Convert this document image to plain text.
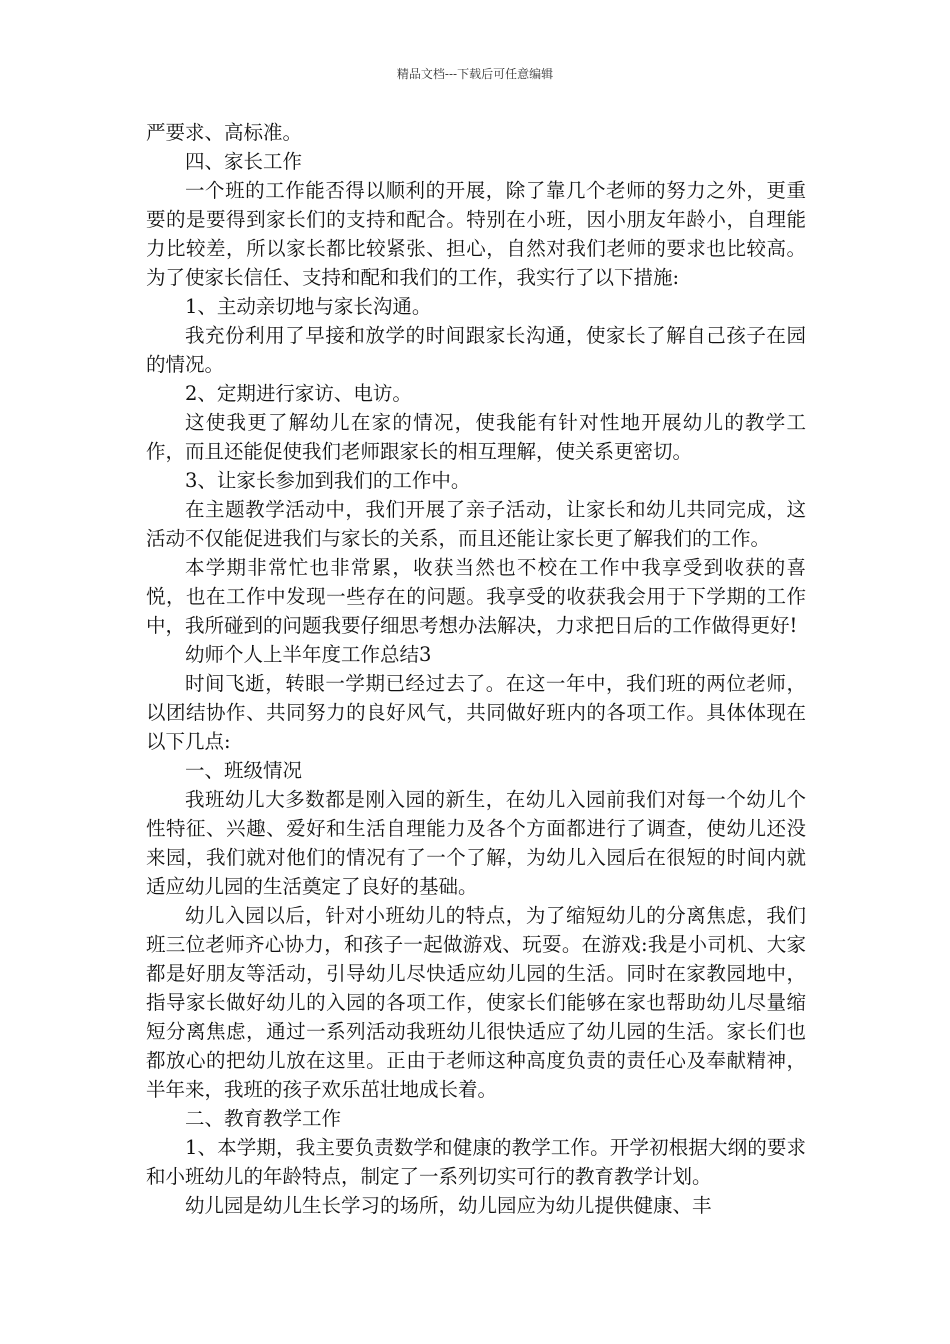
精品文档---下载后可任意编辑

严要求、高标准。

四、家长工作

一个班的工作能否得以顺利的开展，除了靠几个老师的努力之外，更重要的是要得到家长们的支持和配合。特别在小班，因小朋友年龄小，自理能力比较差，所以家长都比较紧张、担心，自然对我们老师的要求也比较高。为了使家长信任、支持和配和我们的工作，我实行了以下措施:

1、主动亲切地与家长沟通。

我充份利用了早接和放学的时间跟家长沟通，使家长了解自己孩子在园的情况。

2、定期进行家访、电访。

这使我更了解幼儿在家的情况，使我能有针对性地开展幼儿的教学工作，而且还能促使我们老师跟家长的相互理解，使关系更密切。

3、让家长参加到我们的工作中。

在主题教学活动中，我们开展了亲子活动，让家长和幼儿共同完成，这活动不仅能促进我们与家长的关系，而且还能让家长更了解我们的工作。

本学期非常忙也非常累，收获当然也不校在工作中我享受到收获的喜悦，也在工作中发现一些存在的问题。我享受的收获我会用于下学期的工作中，我所碰到的问题我要仔细思考想办法解决，力求把日后的工作做得更好!

幼师个人上半年度工作总结3

时间飞逝，转眼一学期已经过去了。在这一年中，我们班的两位老师，以团结协作、共同努力的良好风气，共同做好班内的各项工作。具体体现在以下几点:

一、班级情况

我班幼儿大多数都是刚入园的新生，在幼儿入园前我们对每一个幼儿个性特征、兴趣、爱好和生活自理能力及各个方面都进行了调查，使幼儿还没来园，我们就对他们的情况有了一个了解，为幼儿入园后在很短的时间内就适应幼儿园的生活奠定了良好的基础。

幼儿入园以后，针对小班幼儿的特点，为了缩短幼儿的分离焦虑，我们班三位老师齐心协力，和孩子一起做游戏、玩耍。在游戏:我是小司机、大家都是好朋友等活动，引导幼儿尽快适应幼儿园的生活。同时在家教园地中，指导家长做好幼儿的入园的各项工作，使家长们能够在家也帮助幼儿尽量缩短分离焦虑，通过一系列活动我班幼儿很快适应了幼儿园的生活。家长们也都放心的把幼儿放在这里。正由于老师这种高度负责的责任心及奉献精神，半年来，我班的孩子欢乐茁壮地成长着。

二、教育教学工作

1、本学期，我主要负责数学和健康的教学工作。开学初根据大纲的要求和小班幼儿的年龄特点，制定了一系列切实可行的教育教学计划。

幼儿园是幼儿生长学习的场所，幼儿园应为幼儿提供健康、丰
